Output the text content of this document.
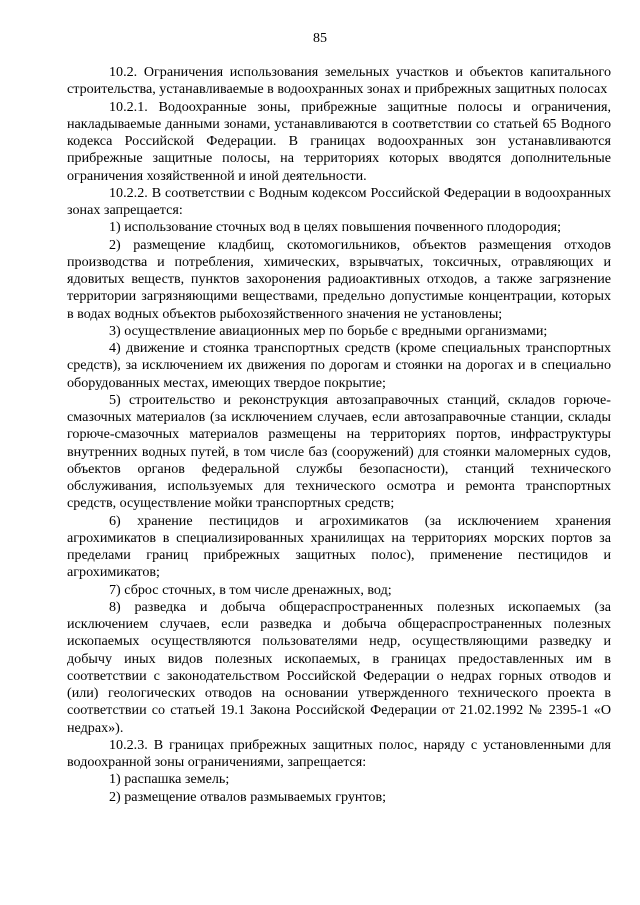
85

10.2. Ограничения использования земельных участков и объектов капитального строительства, устанавливаемые в водоохранных зонах и прибрежных защитных полосах

10.2.1. Водоохранные зоны, прибрежные защитные полосы и ограничения, накладываемые данными зонами, устанавливаются в соответствии со статьей 65 Водного кодекса Российской Федерации. В границах водоохранных зон устанавливаются прибрежные защитные полосы, на территориях которых вводятся дополнительные ограничения хозяйственной и иной деятельности.

10.2.2. В соответствии с Водным кодексом Российской Федерации в водоохранных зонах запрещается:

1) использование сточных вод в целях повышения почвенного плодородия;

2) размещение кладбищ, скотомогильников, объектов размещения отходов производства и потребления, химических, взрывчатых, токсичных, отравляющих и ядовитых веществ, пунктов захоронения радиоактивных отходов, а также загрязнение территории загрязняющими веществами, предельно допустимые концентрации, которых в водах водных объектов рыбохозяйственного значения не установлены;

3) осуществление авиационных мер по борьбе с вредными организмами;

4) движение и стоянка транспортных средств (кроме специальных транспортных средств), за исключением их движения по дорогам и стоянки на дорогах и в специально оборудованных местах, имеющих твердое покрытие;

5) строительство и реконструкция автозаправочных станций, складов горюче-смазочных материалов (за исключением случаев, если автозаправочные станции, склады горюче-смазочных материалов размещены на территориях портов, инфраструктуры внутренних водных путей, в том числе баз (сооружений) для стоянки маломерных судов, объектов органов федеральной службы безопасности), станций технического обслуживания, используемых для технического осмотра и ремонта транспортных средств, осуществление мойки транспортных средств;

6) хранение пестицидов и агрохимикатов (за исключением хранения агрохимикатов в специализированных хранилищах на территориях морских портов за пределами границ прибрежных защитных полос), применение пестицидов и агрохимикатов;

7) сброс сточных, в том числе дренажных, вод;

8) разведка и добыча общераспространенных полезных ископаемых (за исключением случаев, если разведка и добыча общераспространенных полезных ископаемых осуществляются пользователями недр, осуществляющими разведку и добычу иных видов полезных ископаемых, в границах предоставленных им в соответствии с законодательством Российской Федерации о недрах горных отводов и (или) геологических отводов на основании утвержденного технического проекта в соответствии со статьей 19.1 Закона Российской Федерации от 21.02.1992 № 2395-1 «О недрах»).

10.2.3. В границах прибрежных защитных полос, наряду с установленными для водоохранной зоны ограничениями, запрещается:

1) распашка земель;

2) размещение отвалов размываемых грунтов;
